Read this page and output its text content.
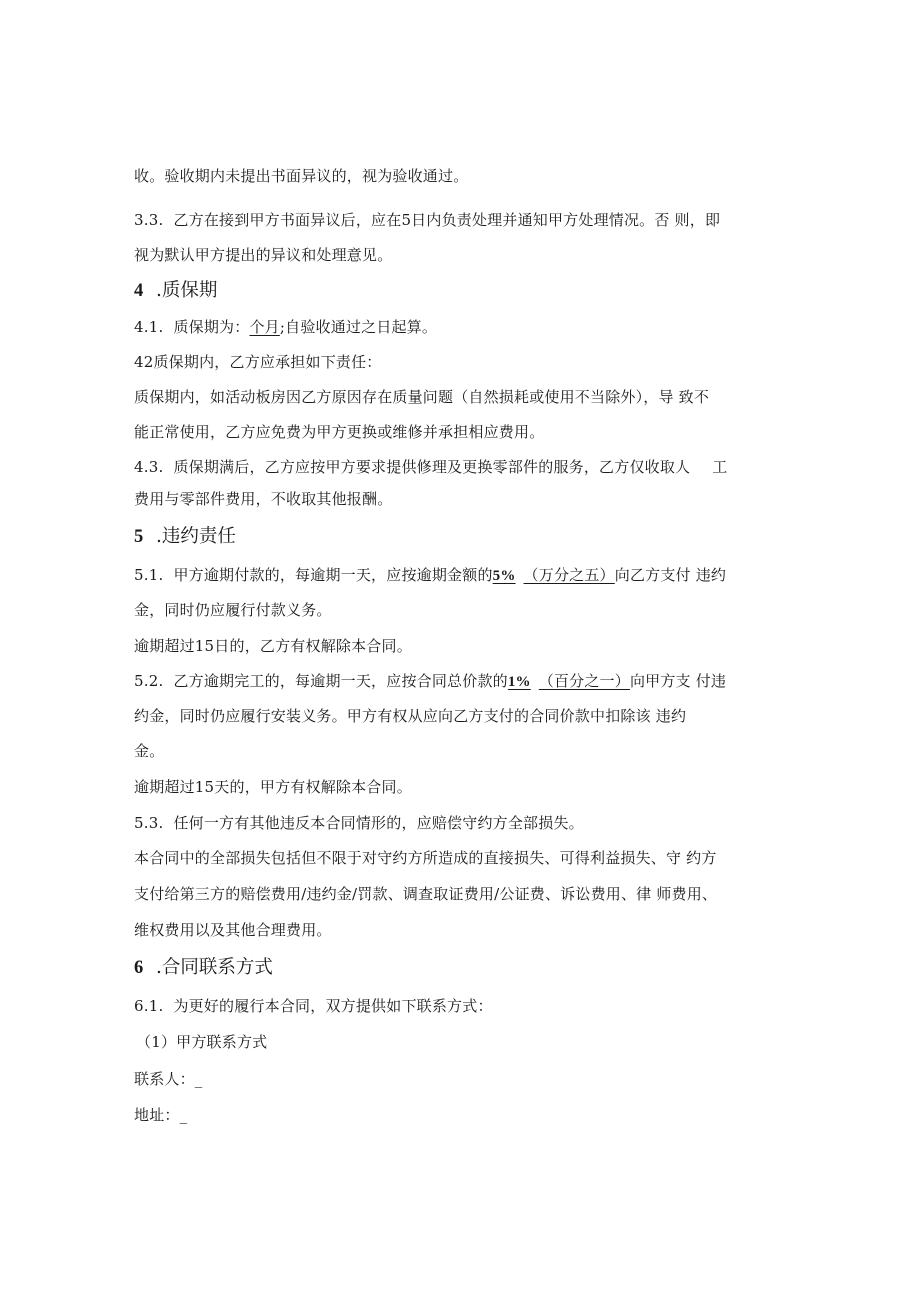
收。验收期内未提出书面异议的，视为验收通过。
3.3. 乙方在接到甲方书面异议后，应在5日内负责处理并通知甲方处理情况。否 则，即
视为默认甲方提出的异议和处理意见。
4 .质保期
4.1. 质保期为：个月;自验收通过之日起算。
42质保期内，乙方应承担如下责任：
质保期内，如活动板房因乙方原因存在质量问题（自然损耗或使用不当除外），导 致不
能正常使用，乙方应免费为甲方更换或维修并承担相应费用。
4.3. 质保期满后，乙方应按甲方要求提供修理及更换零部件的服务，乙方仅收取人 工
费用与零部件费用，不收取其他报酬。
5 .违约责任
5.1. 甲方逾期付款的，每逾期一天，应按逾期金额的5% （万分之五）向乙方支付 违约
金，同时仍应履行付款义务。
逾期超过15日的，乙方有权解除本合同。
5.2. 乙方逾期完工的，每逾期一天，应按合同总价款的1% （百分之一）向甲方支 付违
约金，同时仍应履行安装义务。甲方有权从应向乙方支付的合同价款中扣除该 违约
金。
逾期超过15天的，甲方有权解除本合同。
5.3. 任何一方有其他违反本合同情形的，应赔偿守约方全部损失。
本合同中的全部损失包括但不限于对守约方所造成的直接损失、可得利益损失、守 约方
支付给第三方的赔偿费用/违约金/罚款、调查取证费用/公证费、诉讼费用、律 师费用、
维权费用以及其他合理费用。
6 .合同联系方式
6.1. 为更好的履行本合同，双方提供如下联系方式：
（1）甲方联系方式
联系人：_
地址：_
